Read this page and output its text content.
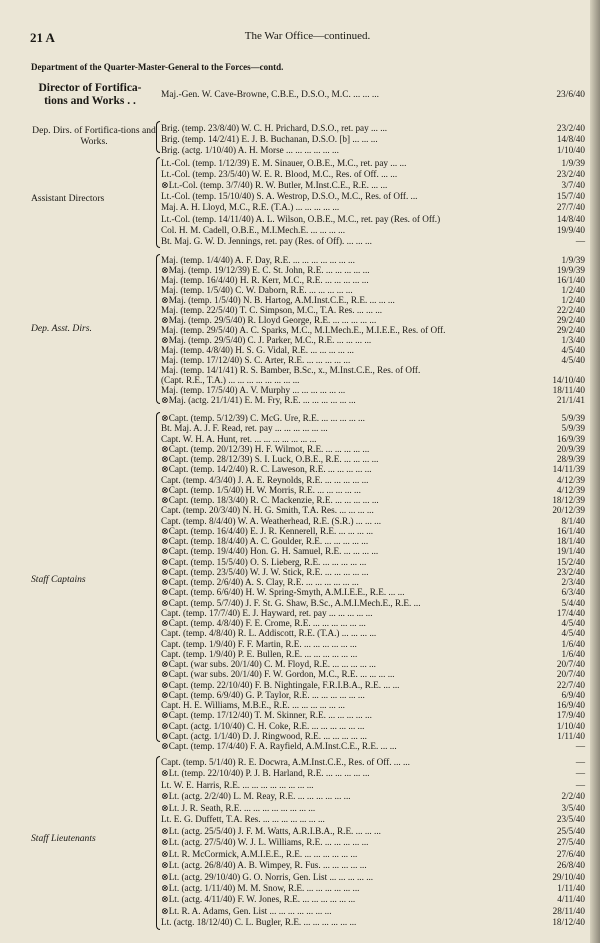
21 A	The War Office—continued.
Department of the Quarter-Master-General to the Forces—contd.
Director of Fortifica-tions and Works . .	Maj.-Gen. W. Cave-Browne, C.B.E., D.S.O., M.C. ... ... ...	23/6/40
Dep. Dirs. of Fortifica-tions and Works.
Brig. (temp. 23/8/40) W. C. H. Prichard, D.S.O., ret. pay ... ...	23/2/40
Brig. (temp. 14/2/41) E. J. B. Buchanan, D.S.O. [b] ... ... ...	14/8/40
Brig. (actg. 1/10/40) A. H. Morse ... ... ... ... ... ...	1/10/40
Assistant Directors
Lt.-Col. (temp. 1/12/39) E. M. Sinauer, O.B.E., M.C., ret. pay ... ...	1/9/39
Lt.-Col. (temp. 23/5/40) W. E. R. Blood, M.C., Res. of Off. ... ...	23/2/40
⊗Lt.-Col. (temp. 3/7/40) R. W. Butler, M.Inst.C.E., R.E. ... ...	3/7/40
Lt.-Col. (temp. 15/10/40) S. A. Westrop, D.S.O., M.C., Res. of Off. ...	15/7/40
Maj. A. H. Lloyd, M.C., R.E. (T.A.) ... ... ... ... ...	27/7/40
Lt.-Col. (temp. 14/11/40) A. L. Wilson, O.B.E., M.C., ret. pay (Res. of Off.)	14/8/40
Col. H. M. Cadell, O.B.E., M.I.Mech.E. ... ... ... ...	19/9/40
Bt. Maj. G. W. D. Jennings, ret. pay (Res. of Off). ... ... ...	—
Dep. Asst. Dirs.
Maj. (temp. 1/4/40) A. F. Day, R.E. ... ... ... ... ... ... ...	1/9/39
⊗Maj. (temp. 19/12/39) E. C. St. John, R.E. ... ... ... ... ...	19/9/39
Maj. (temp. 16/4/40) H. R. Kerr, M.C., R.E. ... ... ... ... ...	16/1/40
Maj. (temp. 1/5/40) C. W. Daborn, R.E. ... ... ... ... ...	1/2/40
⊗Maj. (temp. 1/5/40) N. B. Hartog, A.M.Inst.C.E., R.E. ... ... ...	1/2/40
Maj. (temp. 22/5/40) T. C. Simpson, M.C., T.A. Res. ... ... ...	22/2/40
⊗Maj. (temp. 29/5/40) R. Lloyd George, R.E. ... ... ... ... ...	29/2/40
Maj. (temp. 29/5/40) A. C. Sparks, M.C., M.I.Mech.E., M.I.E.E., Res. of Off.	29/2/40
⊗Maj. (temp. 29/5/40) C. J. Parker, M.C., R.E. ... ... ... ...	1/3/40
Maj. (temp. 4/8/40) H. S. G. Vidal, R.E. ... ... ... ... ...	4/5/40
Maj. (temp. 17/12/40) S. C. Arter, R.E. ... ... ... ... ...	4/5/40
Maj. (temp. 14/1/41) R. S. Bamber, B.Sc., x., M.Inst.C.E., Res. of Off.
(Capt. R.E., T.A.) ... ... ... ... ... ... ... ...	14/10/40
Maj. (temp. 17/5/40) A. V. Murphy ... ... ... ... ... ...	18/11/40
⊗Maj. (actg. 21/1/41) E. M. Fry, R.E. ... ... ... ... ... ...	21/1/41
Staff Captains
⊗Capt. (temp. 5/12/39) C. McG. Ure, R.E. ... ... ... ... ...	5/9/39
Bt. Maj. A. J. F. Read, ret. pay ... ... ... ... ... ...	5/9/39
Capt. W. H. A. Hunt, ret. ... ... ... ... ... ... ...	16/9/39
⊗Capt. (temp. 20/12/39) H. F. Wilmot, R.E. ... ... ... ... ...	20/9/39
⊗Capt. (temp. 28/12/39) S. I. Luck, O.B.E., R.E. ... ... ... ...	28/9/39
⊗Capt. (temp. 14/2/40) R. C. Laweson, R.E. ... ... ... ... ...	14/11/39
Capt. (temp. 4/3/40) J. A. E. Reynolds, R.E. ... ... ... ... ...	4/12/39
⊗Capt. (temp. 1/5/40) H. W. Morris, R.E. ... ... ... ... ...	4/12/39
⊗Capt. (temp. 18/3/40) R. C. Mackenzie, R.E. ... ... ... ... ...	18/12/39
Capt. (temp. 20/3/40) N. H. G. Smith, T.A. Res. ... ... ... ...	20/12/39
Capt. (temp. 8/4/40) W. A. Weatherhead, R.E. (S.R.) ... ... ...	8/1/40
⊗Capt. (temp. 16/4/40) E. J. R. Kennerell, R.E. ... ... ... ...	16/1/40
⊗Capt. (temp. 18/4/40) A. C. Goulder, R.E. ... ... ... ... ...	18/1/40
⊗Capt. (temp. 19/4/40) Hon. G. H. Samuel, R.E. ... ... ... ...	19/1/40
⊗Capt. (temp. 15/5/40) O. S. Lieberg, R.E. ... ... ... ... ...	15/2/40
⊗Capt. (temp. 23/5/40) W. J. W. Stick, R.E. ... ... ... ... ...	23/2/40
⊗Capt. (temp. 2/6/40) A. S. Clay, R.E. ... ... ... ... ... ...	2/3/40
⊗Capt. (temp. 6/6/40) H. W. Spring-Smyth, A.M.I.E.E., R.E. ... ...	6/3/40
⊗Capt. (temp. 5/7/40) J. F. St. G. Shaw, B.Sc., A.M.I.Mech.E., R.E. ...	5/4/40
Capt. (temp. 17/7/40) E. J. Hayward, ret. pay ... ... ... ... ...	17/4/40
⊗Capt. (temp. 4/8/40) F. E. Crome, R.E. ... ... ... ... ... ...	4/5/40
Capt. (temp. 4/8/40) R. L. Addiscott, R.E. (T.A.) ... ... ... ...	4/5/40
Capt. (temp. 1/9/40) F. F. Martin, R.E. ... ... ... ... ... ...	1/6/40
Capt. (temp. 1/9/40) P. E. Bullen, R.E. ... ... ... ... ... ...	1/6/40
⊗Capt. (war subs. 20/1/40) C. M. Floyd, R.E. ... ... ... ... ...	20/7/40
⊗Capt. (war subs. 20/1/40) F. W. Gordon, M.C., R.E. ... ... ... ...	20/7/40
⊗Capt. (temp. 22/10/40) F. B. Nightingale, F.R.I.B.A., R.E. ... ...	22/7/40
⊗Capt. (temp. 6/9/40) G. P. Taylor, R.E. ... ... ... ... ... ...	6/9/40
Capt. H. E. Williams, M.B.E., R.E. ... ... ... ... ... ...	16/9/40
⊗Capt. (temp. 17/12/40) T. M. Skinner, R.E. ... ... ... ... ...	17/9/40
⊗Capt. (actg. 1/10/40) C. H. Coke, R.E. ... ... ... ... ... ...	1/10/40
⊗Capt. (actg. 1/1/40) D. J. Ringwood, R.E. ... ... ... ... ...	1/11/40
⊗Capt. (temp. 17/4/40) F. A. Rayfield, A.M.Inst.C.E., R.E. ... ...	—
Staff Lieutenants
Capt. (temp. 5/1/40) R. E. Docwra, A.M.Inst.C.E., Res. of Off. ... ...	—
⊗Lt. (temp. 22/10/40) P. J. B. Harland, R.E. ... ... ... ... ...	—
Lt. W. E. Harris, R.E. ... ... ... ... ... ... ... ...	—
⊗Lt. (actg. 2/2/40) L. M. Reay, R.E. ... ... ... ... ... ...	2/2/40
⊗Lt. J. R. Seath, R.E. ... ... ... ... ... ... ... ...	3/5/40
Lt. E. G. Duffett, T.A. Res. ... ... ... ... ... ... ...	23/5/40
⊗Lt. (actg. 25/5/40) J. F. M. Watts, A.R.I.B.A., R.E. ... ... ...	25/5/40
⊗Lt. (actg. 27/5/40) W. J. L. Williams, R.E. ... ... ... ... ...	27/5/40
⊗Lt. R. McCormick, A.M.I.E.E., R.E. ... ... ... ... ... ...	27/6/40
⊗Lt. (actg. 26/8/40) A. B. Wimpey, R. Fus. ... ... ... ... ...	26/8/40
⊗Lt. (actg. 29/10/40) G. O. Norris, Gen. List ... ... ... ... ...	29/10/40
⊗Lt. (actg. 1/11/40) M. M. Snow, R.E. ... ... ... ... ... ...	1/11/40
⊗Lt. (actg. 4/11/40) F. W. Jones, R.E. ... ... ... ... ... ...	4/11/40
⊗Lt. R. A. Adams, Gen. List ... ... ... ... ... ... ...	28/11/40
Lt. (actg. 18/12/40) C. L. Bugler, R.E. ... ... ... ... ... ...	18/12/40
